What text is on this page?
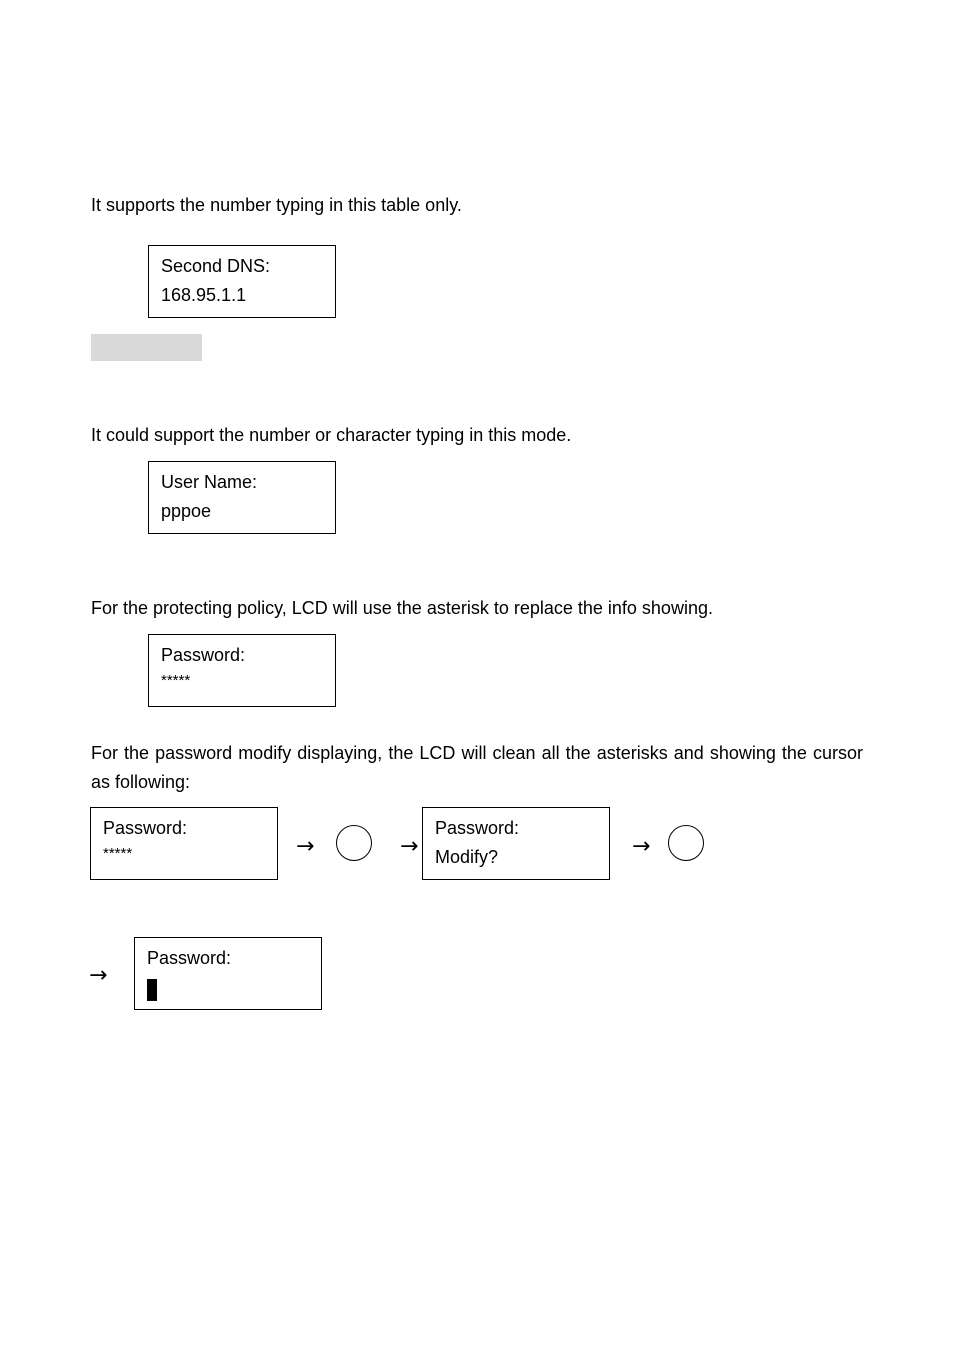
It supports the number typing in this table only.

Second DNS:
168.95.1.1

It could support the number or character typing in this mode.

User Name:
pppoe

For the protecting policy, LCD will use the asterisk to replace the info showing.

Password:
*****

For the password modify displaying, the LCD will clean all the asterisks and showing the cursor as following:

Password:
*****	→	→
Password:
Modify?	→
→
Password:
